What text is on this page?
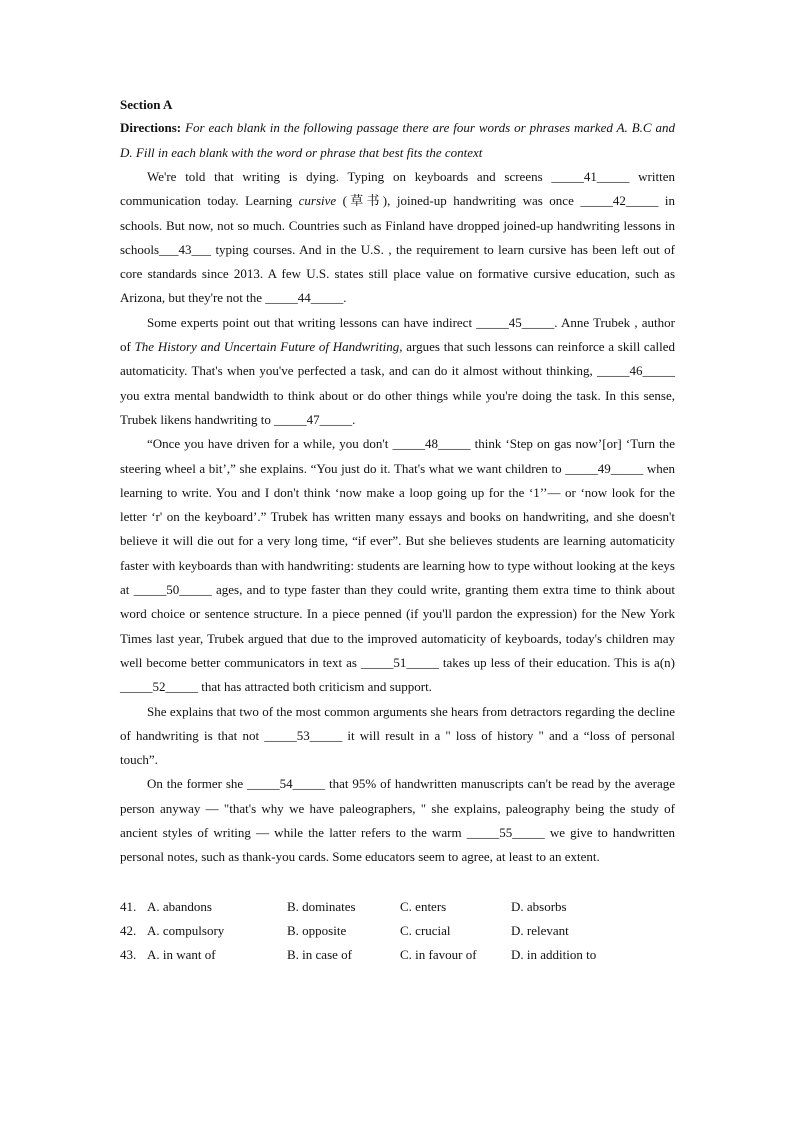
Section A

Directions: For each blank in the following passage there are four words or phrases marked A. B.C and D. Fill in each blank with the word or phrase that best fits the context

We're told that writing is dying. Typing on keyboards and screens _____41_____ written communication today. Learning cursive (草书), joined-up handwriting was once _____42_____ in schools. But now, not so much. Countries such as Finland have dropped joined-up handwriting lessons in schools___43___ typing courses. And in the U.S. , the requirement to learn cursive has been left out of core standards since 2013. A few U.S. states still place value on formative cursive education, such as Arizona, but they're not the _____44_____.

Some experts point out that writing lessons can have indirect _____45_____. Anne Trubek , author of The History and Uncertain Future of Handwriting, argues that such lessons can reinforce a skill called automaticity. That's when you've perfected a task, and can do it almost without thinking, _____46_____ you extra mental bandwidth to think about or do other things while you're doing the task. In this sense, Trubek likens handwriting to _____47_____.

“Once you have driven for a while, you don't _____48_____ think ‘Step on gas now’[or] ‘Turn the steering wheel a bit’,” she explains. “You just do it. That's what we want children to _____49_____ when learning to write. You and I don't think ‘now make a loop going up for the ‘1’’— or ‘now look for the letter ‘r' on the keyboard’.” Trubek has written many essays and books on handwriting, and she doesn't believe it will die out for a very long time, “if ever”. But she believes students are learning automaticity faster with keyboards than with handwriting: students are learning how to type without looking at the keys at _____50_____ ages, and to type faster than they could write, granting them extra time to think about word choice or sentence structure. In a piece penned (if you'll pardon the expression) for the New York Times last year, Trubek argued that due to the improved automaticity of keyboards, today's children may well become better communicators in text as _____51_____ takes up less of their education. This is a(n) _____52_____ that has attracted both criticism and support.

She explains that two of the most common arguments she hears from detractors regarding the decline of handwriting is that not _____53_____ it will result in a " loss of history " and a “loss of personal touch”.

On the former she _____54_____ that 95% of handwritten manuscripts can't be read by the average person anyway — "that's why we have paleographers, " she explains, paleography being the study of ancient styles of writing — while the latter refers to the warm _____55_____ we give to handwritten personal notes, such as thank-you cards. Some educators seem to agree, at least to an extent.

41. A. abandons	B. dominates	C. enters	D. absorbs
42. A. compulsory	B. opposite	C. crucial	D. relevant
43. A. in want of	B. in case of	C. in favour of	D. in addition to
